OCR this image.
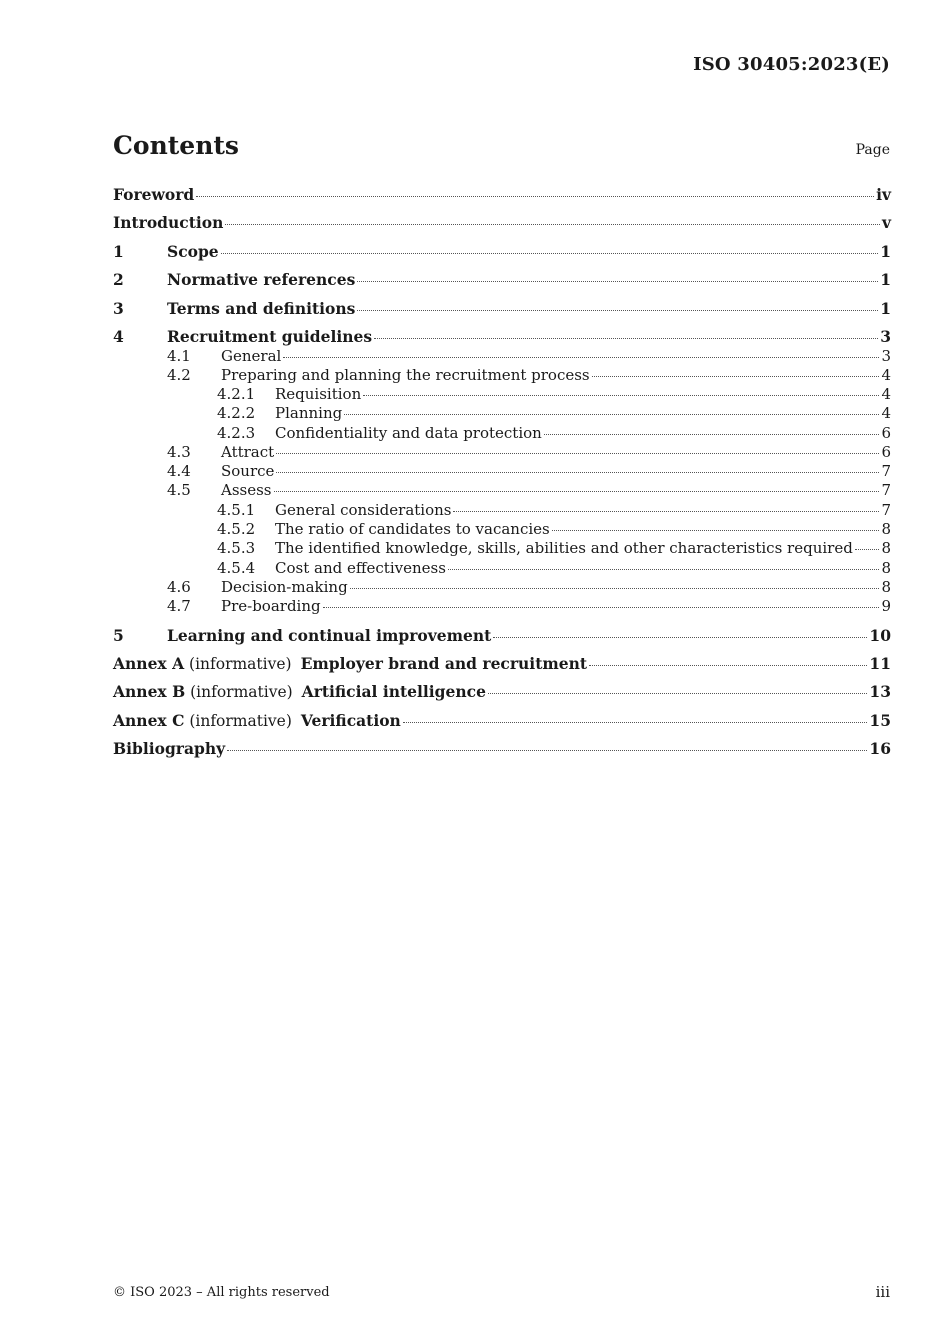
ISO 30405:2023(E)
Contents	Page
Foreword	iv
Introduction	v
1	Scope	1
2	Normative references	1
3	Terms and definitions	1
4	Recruitment guidelines	3
4.1	General	3
4.2	Preparing and planning the recruitment process	4
4.2.1	Requisition	4
4.2.2	Planning	4
4.2.3	Confidentiality and data protection	6
4.3	Attract	6
4.4	Source	7
4.5	Assess	7
4.5.1	General considerations	7
4.5.2	The ratio of candidates to vacancies	8
4.5.3	The identified knowledge, skills, abilities and other characteristics required 8
4.5.4	Cost and effectiveness	8
4.6	Decision-making	8
4.7	Pre-boarding	9
5	Learning and continual improvement	10
Annex A (informative) Employer brand and recruitment	11
Annex B (informative) Artificial intelligence	13
Annex C (informative) Verification	15
Bibliography	16
© ISO 2023 – All rights reserved	iii
